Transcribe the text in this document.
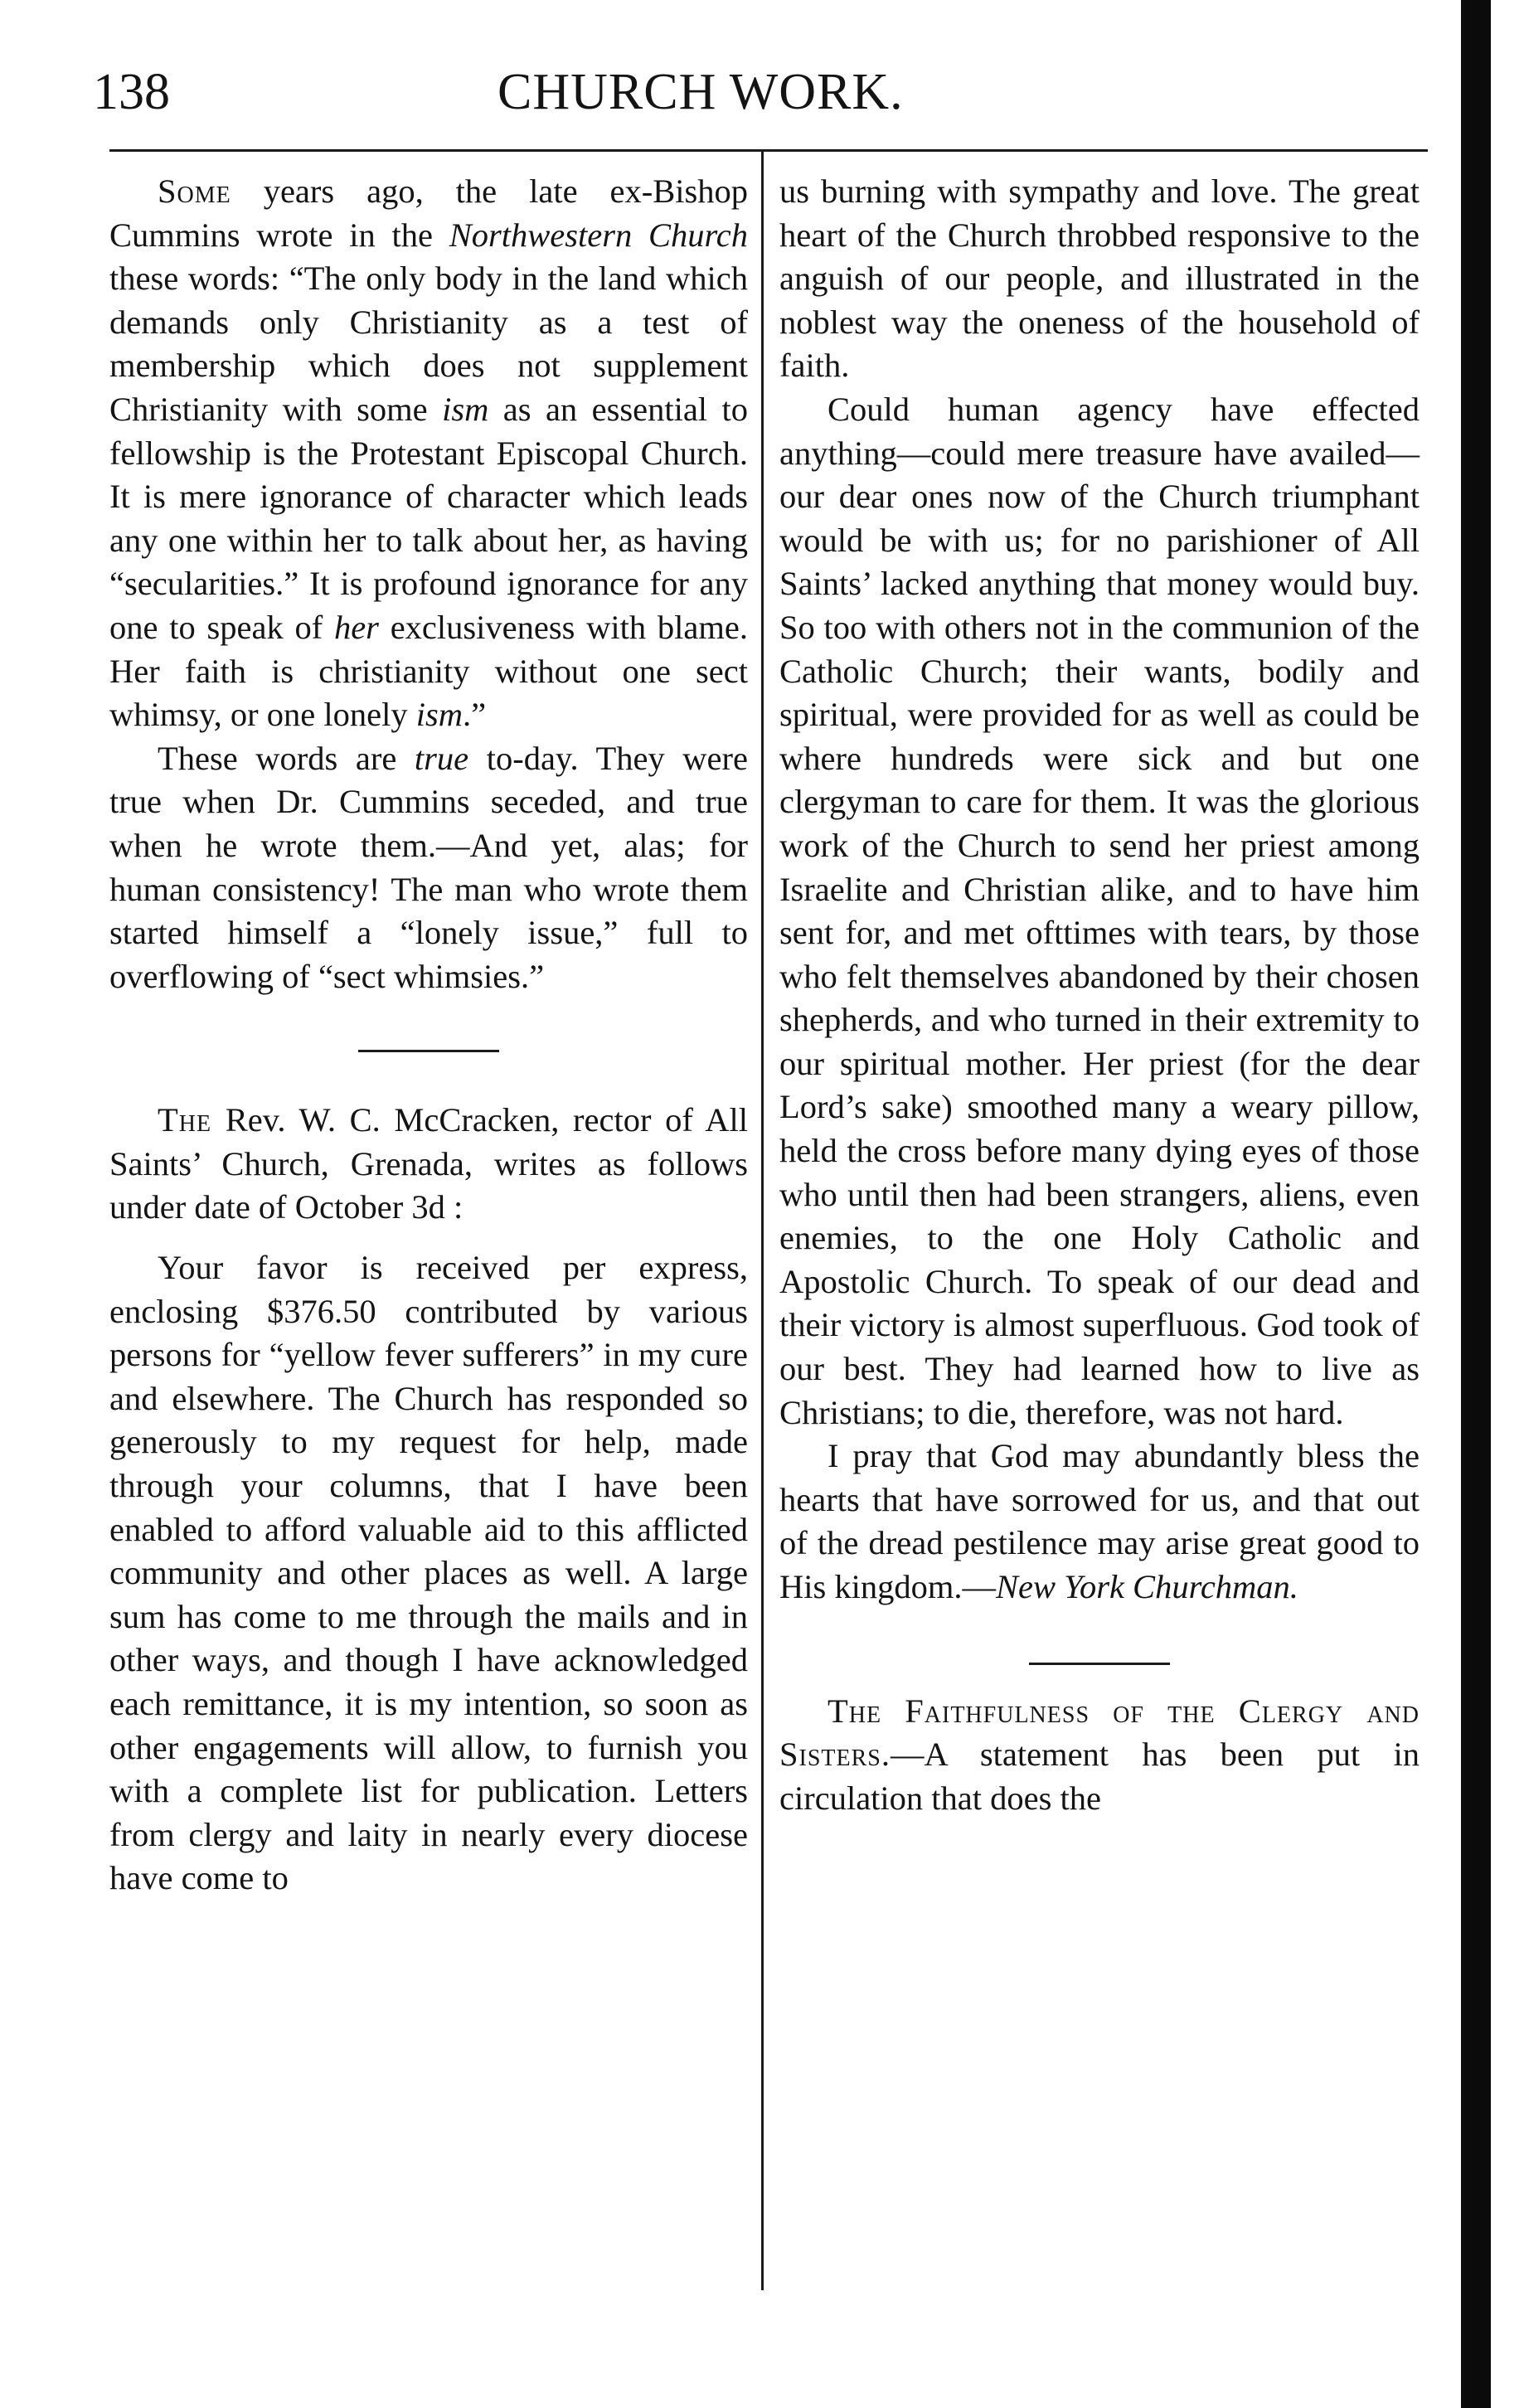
138	CHURCH WORK.

Some years ago, the late ex-Bishop Cummins wrote in the Northwestern Church these words: “The only body in the land which demands only Christianity as a test of membership which does not supplement Christianity with some ism as an essential to fellowship is the Protestant Episcopal Church. It is mere ignorance of character which leads any one within her to talk about her, as having “secularities.” It is profound ignorance for any one to speak of her exclusiveness with blame. Her faith is christianity without one sect whimsy, or one lonely ism.”

These words are true to-day. They were true when Dr. Cummins seceded, and true when he wrote them.—And yet, alas; for human consistency! The man who wrote them started himself a “lonely issue,” full to overflowing of “sect whimsies.”

The Rev. W. C. McCracken, rector of All Saints’ Church, Grenada, writes as follows under date of October 3d :

Your favor is received per express, enclosing $376.50 contributed by various persons for “yellow fever sufferers” in my cure and elsewhere. The Church has responded so generously to my request for help, made through your columns, that I have been enabled to afford valuable aid to this afflicted community and other places as well. A large sum has come to me through the mails and in other ways, and though I have acknowledged each remittance, it is my intention, so soon as other engagements will allow, to furnish you with a complete list for publication. Letters from clergy and laity in nearly every diocese have come to

us burning with sympathy and love. The great heart of the Church throbbed responsive to the anguish of our people, and illustrated in the noblest way the oneness of the household of faith.

Could human agency have effected anything—could mere treasure have availed—our dear ones now of the Church triumphant would be with us; for no parishioner of All Saints’ lacked anything that money would buy. So too with others not in the communion of the Catholic Church; their wants, bodily and spiritual, were provided for as well as could be where hundreds were sick and but one clergyman to care for them. It was the glorious work of the Church to send her priest among Israelite and Christian alike, and to have him sent for, and met ofttimes with tears, by those who felt themselves abandoned by their chosen shepherds, and who turned in their extremity to our spiritual mother. Her priest (for the dear Lord’s sake) smoothed many a weary pillow, held the cross before many dying eyes of those who until then had been strangers, aliens, even enemies, to the one Holy Catholic and Apostolic Church. To speak of our dead and their victory is almost superfluous. God took of our best. They had learned how to live as Christians; to die, therefore, was not hard.

I pray that God may abundantly bless the hearts that have sorrowed for us, and that out of the dread pestilence may arise great good to His kingdom.—New York Churchman.

The Faithfulness of the Clergy and Sisters.—A statement has been put in circulation that does the
